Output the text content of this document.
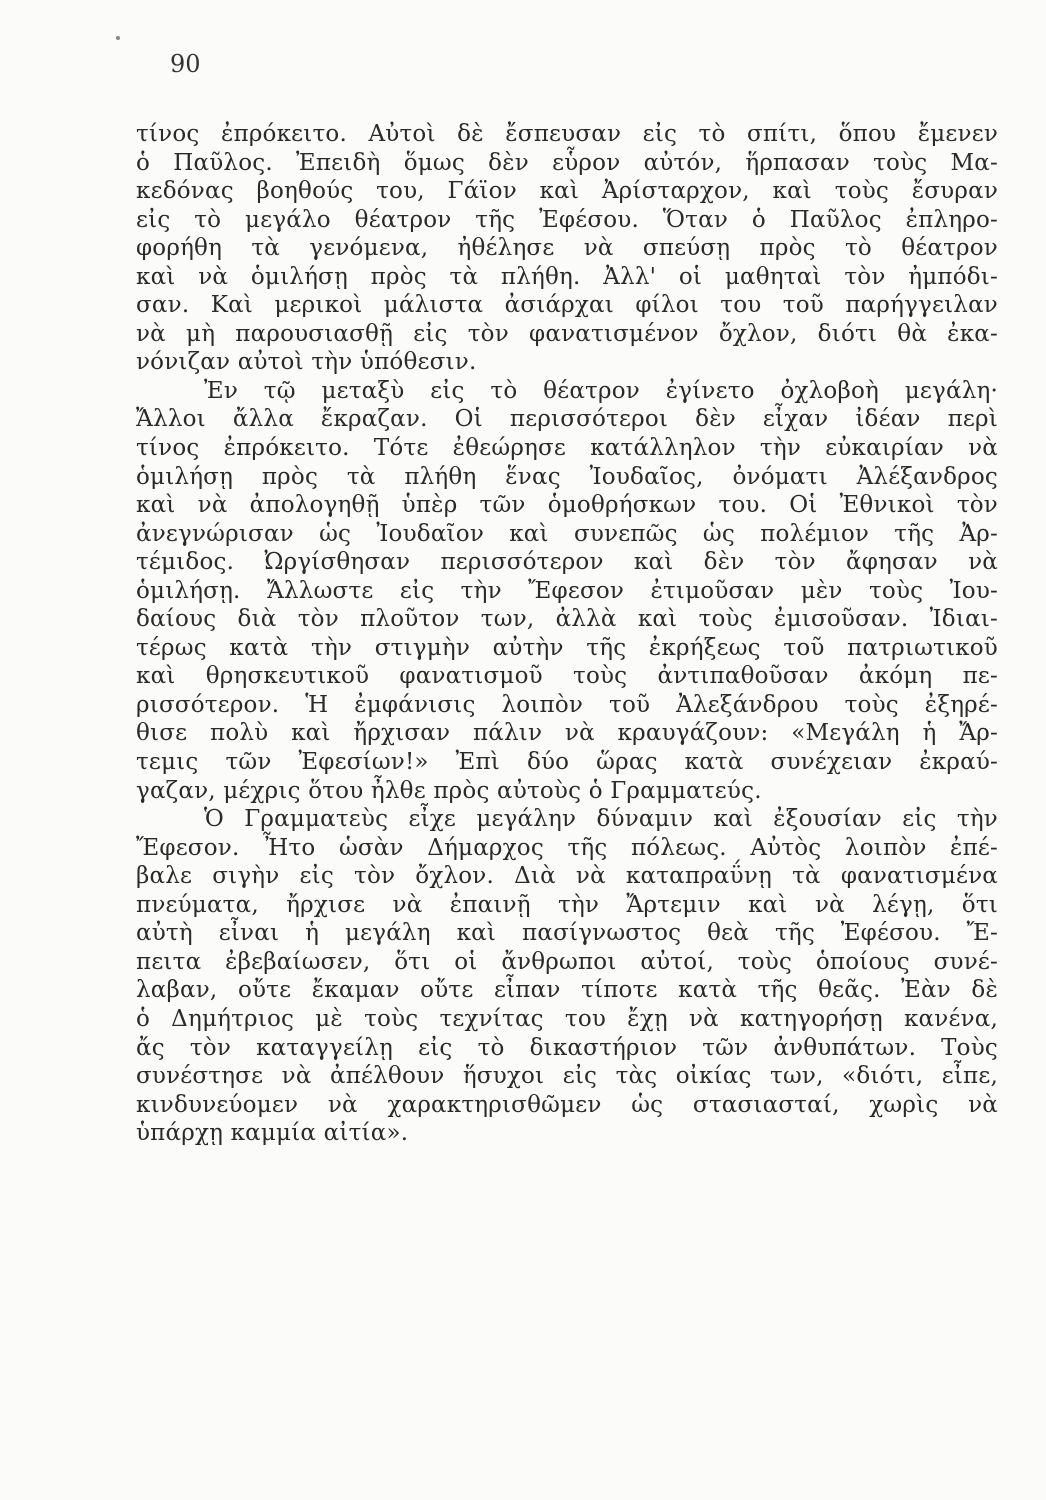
90
τίνος ἐπρόκειτο. Αὐτοὶ δὲ ἔσπευσαν εἰς τὸ σπίτι, ὅπου ἔμενεν
ὁ Παῦλος. Ἐπειδὴ ὅμως δὲν εὗρον αὐτόν, ἥρπασαν τοὺς Μα-
κεδόνας βοηθούς του, Γάϊον καὶ Ἀρίσταρχον, καὶ τοὺς ἔσυραν
εἰς τὸ μεγάλο θέατρον τῆς Ἐφέσου. Ὅταν ὁ Παῦλος ἐπληρο-
φορήθη τὰ γενόμενα, ἠθέλησε νὰ σπεύσῃ πρὸς τὸ θέατρον
καὶ νὰ ὁμιλήσῃ πρὸς τὰ πλήθη. Ἀλλ' οἱ μαθηταὶ τὸν ἠμπόδι-
σαν. Καὶ μερικοὶ μάλιστα ἀσιάρχαι φίλοι του τοῦ παρήγγειλαν
νὰ μὴ παρουσιασθῇ εἰς τὸν φανατισμένον ὄχλον, διότι θὰ ἐκα-
νόνιζαν αὐτοὶ τὴν ὑπόθεσιν.
Ἐν τῷ μεταξὺ εἰς τὸ θέατρον ἐγίνετο ὀχλοβοὴ μεγάλη·
Ἄλλοι ἄλλα ἔκραζαν. Οἱ περισσότεροι δὲν εἶχαν ἰδέαν περὶ
τίνος ἐπρόκειτο. Τότε ἐθεώρησε κατάλληλον τὴν εὐκαιρίαν νὰ
ὁμιλήσῃ πρὸς τὰ πλήθη ἕνας Ἰουδαῖος, ὀνόματι Ἀλέξανδρος
καὶ νὰ ἀπολογηθῇ ὑπὲρ τῶν ὁμοθρήσκων του. Οἱ Ἐθνικοὶ τὸν
ἀνεγνώρισαν ὡς Ἰουδαῖον καὶ συνεπῶς ὡς πολέμιον τῆς Ἀρ-
τέμιδος. Ὠργίσθησαν περισσότερον καὶ δὲν τὸν ἄφησαν νὰ
ὁμιλήσῃ. Ἄλλωστε εἰς τὴν Ἔφεσον ἐτιμοῦσαν μὲν τοὺς Ἰου-
δαίους διὰ τὸν πλοῦτον των, ἀλλὰ καὶ τοὺς ἐμισοῦσαν. Ἰδιαι-
τέρως κατὰ τὴν στιγμὴν αὐτὴν τῆς ἐκρήξεως τοῦ πατριωτικοῦ
καὶ θρησκευτικοῦ φανατισμοῦ τοὺς ἀντιπαθοῦσαν ἀκόμη πε-
ρισσότερον. Ἡ ἐμφάνισις λοιπὸν τοῦ Ἀλεξάνδρου τοὺς ἐξηρέ-
θισε πολὺ καὶ ἤρχισαν πάλιν νὰ κραυγάζουν: «Μεγάλη ἡ Ἄρ-
τεμις τῶν Ἐφεσίων!» Ἐπὶ δύο ὥρας κατὰ συνέχειαν ἐκραύ-
γαζαν, μέχρις ὅτου ἦλθε πρὸς αὐτοὺς ὁ Γραμματεύς.
Ὁ Γραμματεὺς εἶχε μεγάλην δύναμιν καὶ ἐξουσίαν εἰς τὴν
Ἔφεσον. Ἦτο ὡσὰν Δήμαρχος τῆς πόλεως. Αὐτὸς λοιπὸν ἐπέ-
βαλε σιγὴν εἰς τὸν ὄχλον. Διὰ νὰ καταπραΰνῃ τὰ φανατισμένα
πνεύματα, ἤρχισε νὰ ἐπαινῇ τὴν Ἄρτεμιν καὶ νὰ λέγῃ, ὅτι
αὐτὴ εἶναι ἡ μεγάλη καὶ πασίγνωστος θεὰ τῆς Ἐφέσου. Ἔ-
πειτα ἐβεβαίωσεν, ὅτι οἱ ἄνθρωποι αὐτοί, τοὺς ὁποίους συνέ-
λαβαν, οὔτε ἔκαμαν οὔτε εἶπαν τίποτε κατὰ τῆς θεᾶς. Ἐὰν δὲ
ὁ Δημήτριος μὲ τοὺς τεχνίτας του ἔχῃ νὰ κατηγορήσῃ κανένα,
ἄς τὸν καταγγείλῃ εἰς τὸ δικαστήριον τῶν ἀνθυπάτων. Τοὺς
συνέστησε νὰ ἀπέλθουν ἥσυχοι εἰς τὰς οἰκίας των, «διότι, εἶπε,
κινδυνεύομεν νὰ χαρακτηρισθῶμεν ὡς στασιασταί, χωρὶς νὰ
ὑπάρχῃ καμμία αἰτία».
